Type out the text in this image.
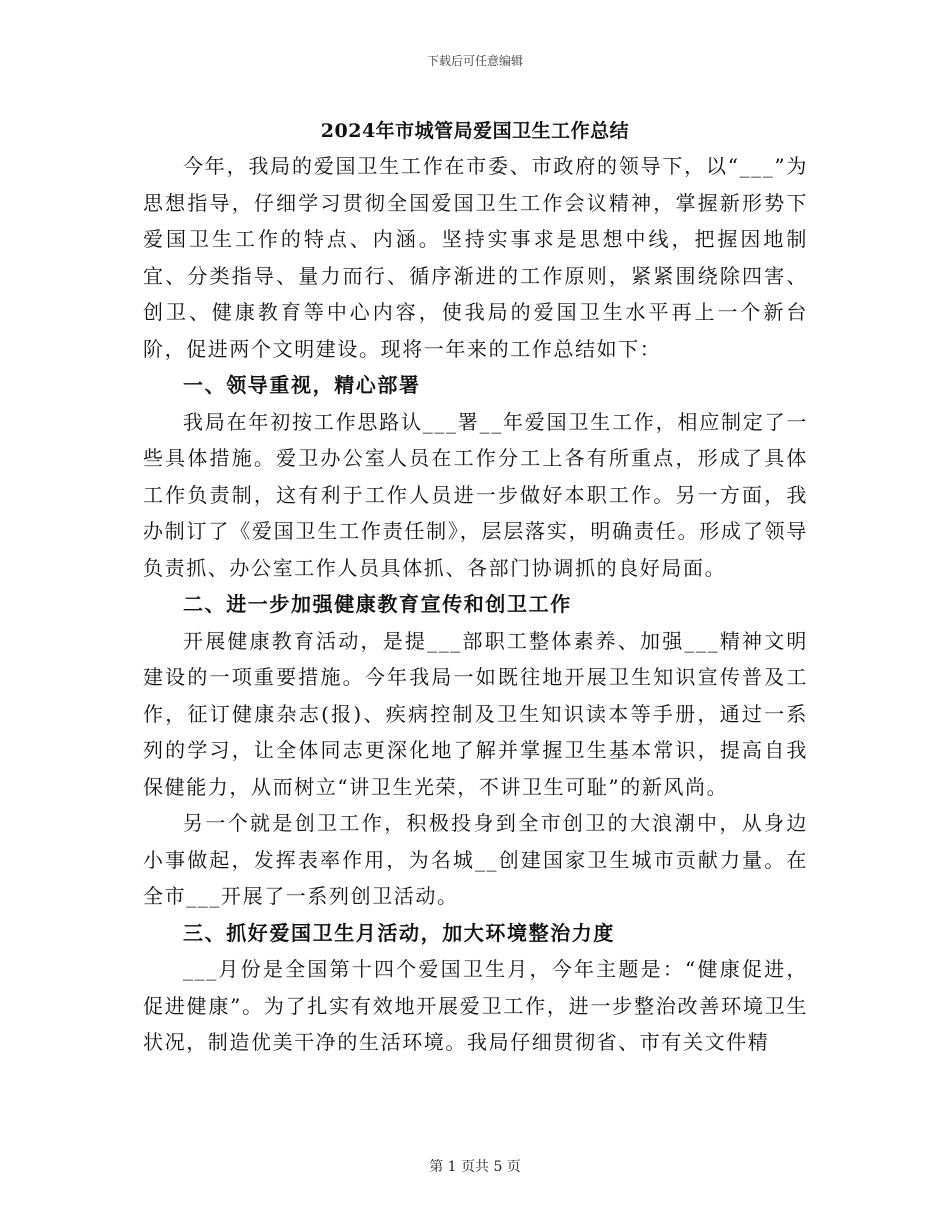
下载后可任意编辑
2024年市城管局爱国卫生工作总结

今年，我局的爱国卫生工作在市委、市政府的领导下，以“___”为思想指导，仔细学习贯彻全国爱国卫生工作会议精神，掌握新形势下爱国卫生工作的特点、内涵。坚持实事求是思想中线，把握因地制宜、分类指导、量力而行、循序渐进的工作原则，紧紧围绕除四害、创卫、健康教育等中心内容，使我局的爱国卫生水平再上一个新台阶，促进两个文明建设。现将一年来的工作总结如下：

一、领导重视，精心部署

我局在年初按工作思路认___署__年爱国卫生工作，相应制定了一些具体措施。爱卫办公室人员在工作分工上各有所重点，形成了具体工作负责制，这有利于工作人员进一步做好本职工作。另一方面，我办制订了《爱国卫生工作责任制》，层层落实，明确责任。形成了领导负责抓、办公室工作人员具体抓、各部门协调抓的良好局面。

二、进一步加强健康教育宣传和创卫工作

开展健康教育活动，是提___部职工整体素养、加强___精神文明建设的一项重要措施。今年我局一如既往地开展卫生知识宣传普及工作，征订健康杂志(报)、疾病控制及卫生知识读本等手册，通过一系列的学习，让全体同志更深化地了解并掌握卫生基本常识，提高自我保健能力，从而树立“讲卫生光荣，不讲卫生可耻”的新风尚。

另一个就是创卫工作，积极投身到全市创卫的大浪潮中，从身边小事做起，发挥表率作用，为名城__创建国家卫生城市贡献力量。在全市___开展了一系列创卫活动。

三、抓好爱国卫生月活动，加大环境整治力度

___月份是全国第十四个爱国卫生月，今年主题是：“健康促进，促进健康”。为了扎实有效地开展爱卫工作，进一步整治改善环境卫生状况，制造优美干净的生活环境。我局仔细贯彻省、市有关文件精

第 1 页共 5 页
